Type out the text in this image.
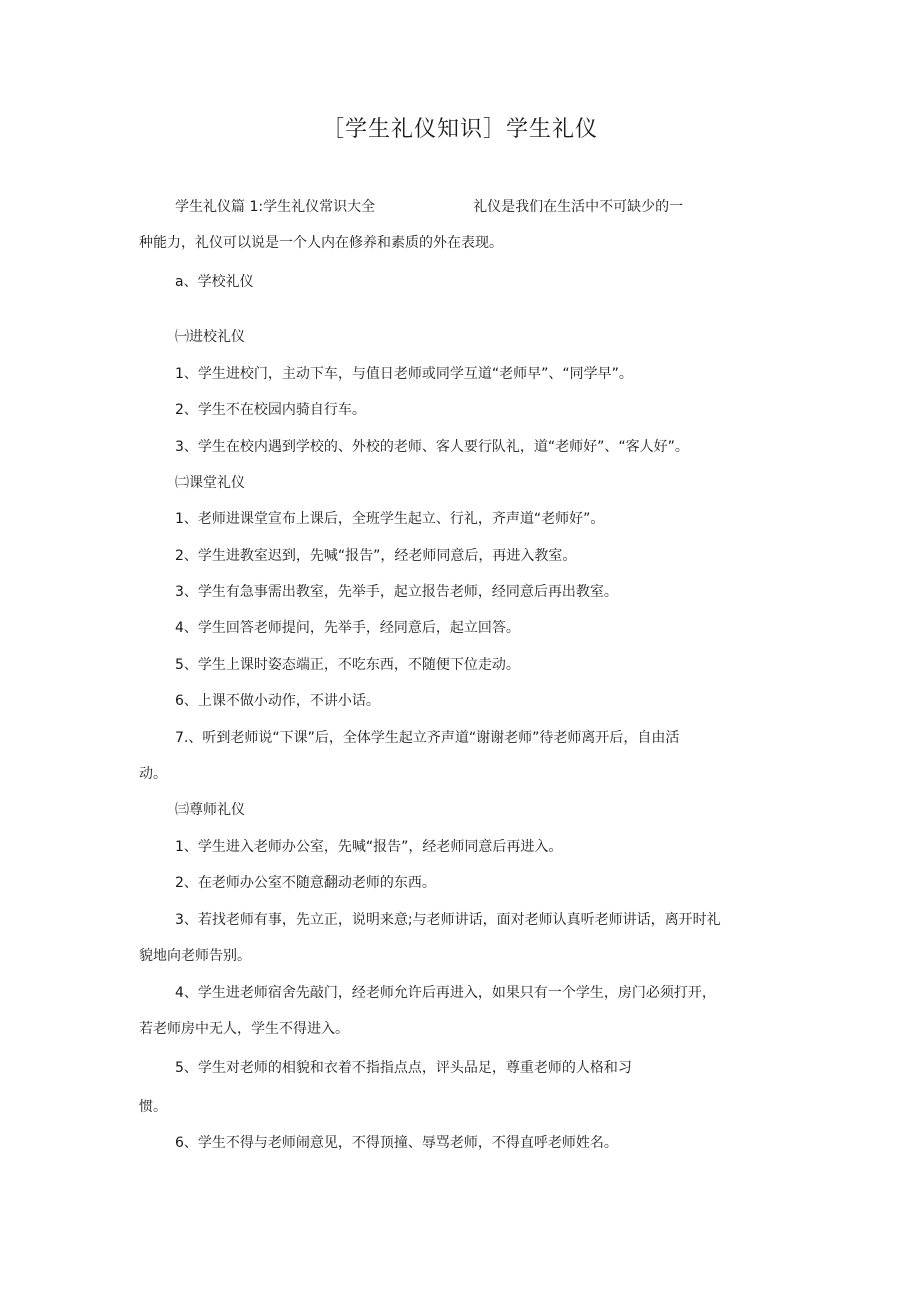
［学生礼仪知识］学生礼仪
学生礼仪篇 1:学生礼仪常识大全	礼仪是我们在生活中不可缺少的一
种能力，礼仪可以说是一个人内在修养和素质的外在表现。
a、学校礼仪
㈠进校礼仪
1、学生进校门，主动下车，与值日老师或同学互道“老师早”、“同学早”。
2、学生不在校园内骑自行车。
3、学生在校内遇到学校的、外校的老师、客人要行队礼，道“老师好”、“客人好”。
㈡课堂礼仪
1、老师进课堂宣布上课后，全班学生起立、行礼，齐声道“老师好”。
2、学生进教室迟到，先喊“报告”，经老师同意后，再进入教室。
3、学生有急事需出教室，先举手，起立报告老师，经同意后再出教室。
4、学生回答老师提问，先举手，经同意后，起立回答。
5、学生上课时姿态端正，不吃东西，不随便下位走动。
6、上课不做小动作，不讲小话。
7.、听到老师说“下课”后，全体学生起立齐声道“谢谢老师”待老师离开后，自由活
动。
㈢尊师礼仪
1、学生进入老师办公室，先喊“报告”，经老师同意后再进入。
2、在老师办公室不随意翻动老师的东西。
3、若找老师有事，先立正，说明来意;与老师讲话，面对老师认真听老师讲话，离开时礼
貌地向老师告别。
4、学生进老师宿舍先敲门，经老师允许后再进入，如果只有一个学生，房门必须打开，
若老师房中无人，学生不得进入。
5、学生对老师的相貌和衣着不指指点点，评头品足，尊重老师的人格和习
惯。
6、学生不得与老师闹意见，不得顶撞、辱骂老师，不得直呼老师姓名。
